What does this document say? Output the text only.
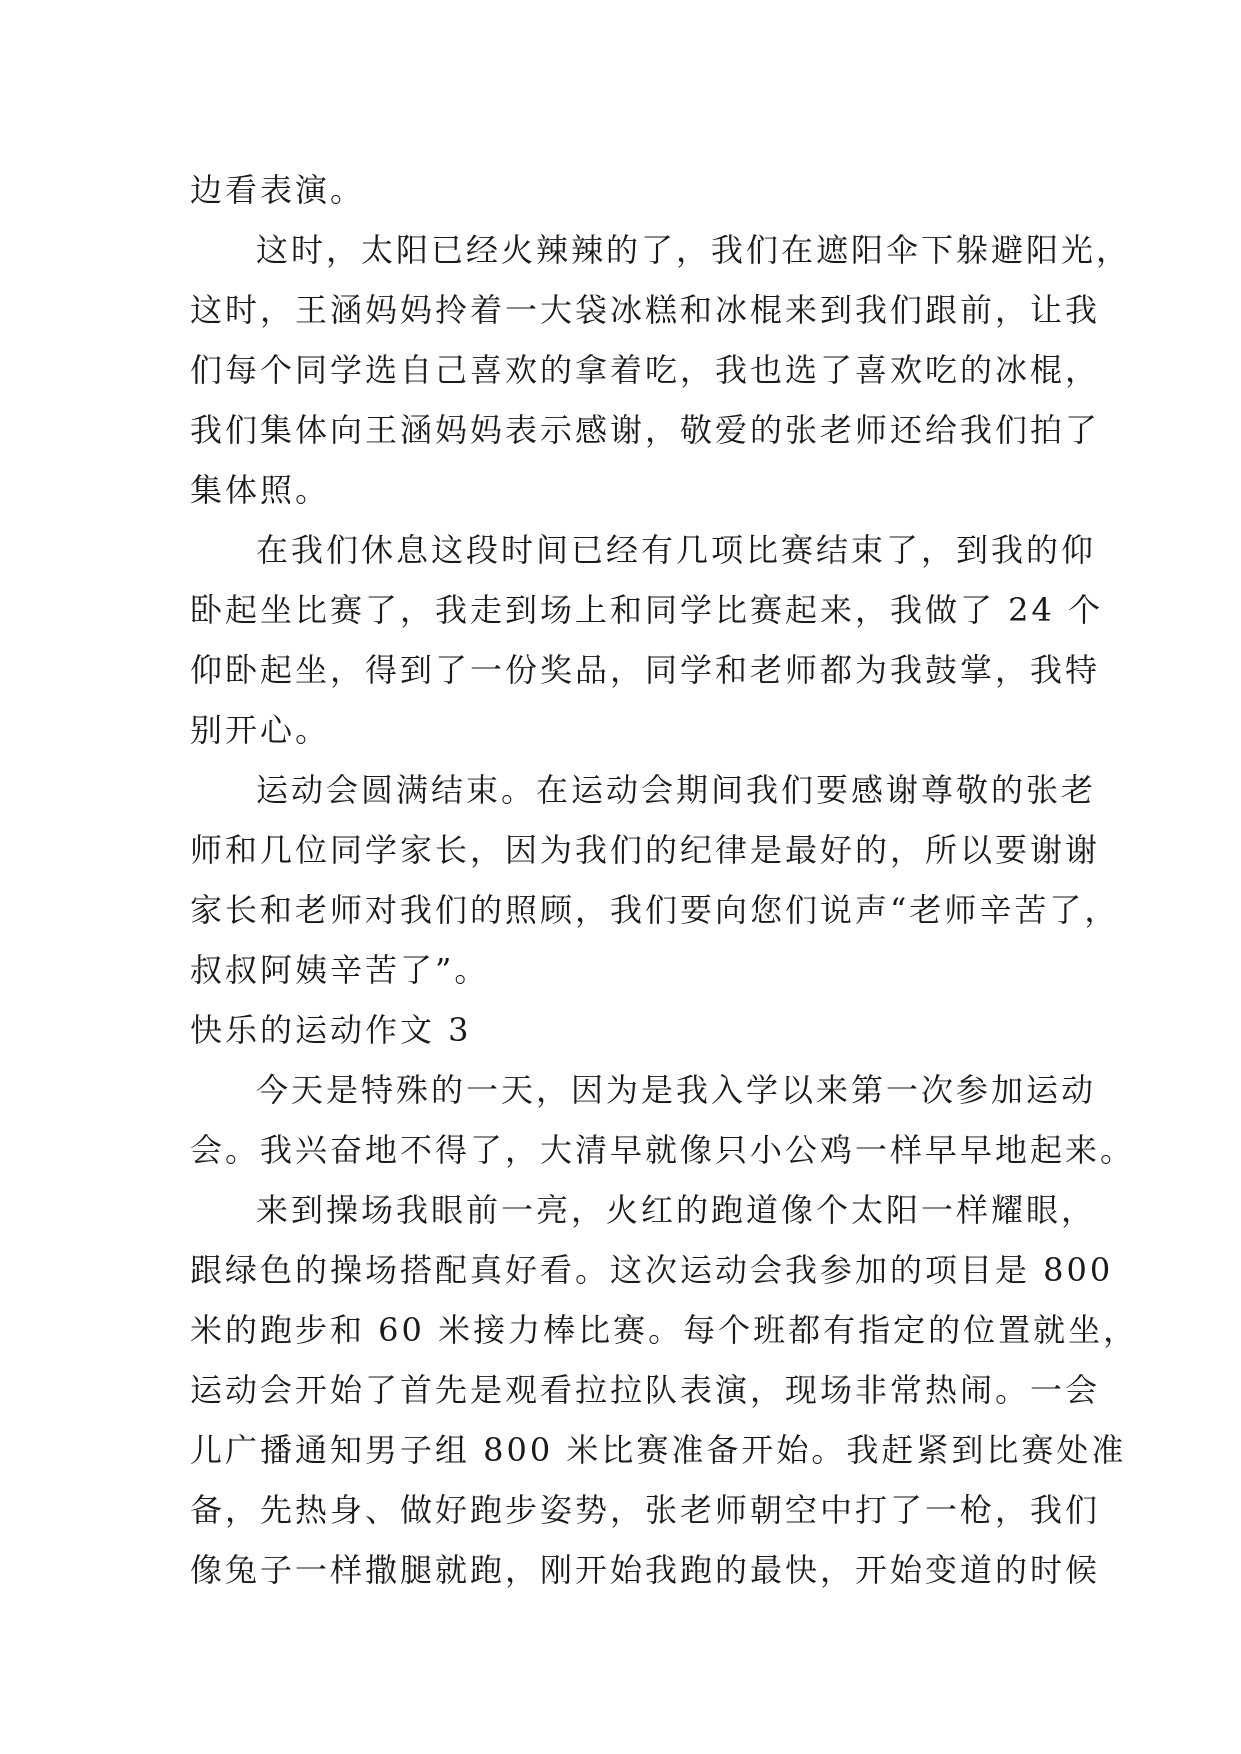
边看表演。
这时，太阳已经火辣辣的了，我们在遮阳伞下躲避阳光，
这时，王涵妈妈拎着一大袋冰糕和冰棍来到我们跟前，让我
们每个同学选自己喜欢的拿着吃，我也选了喜欢吃的冰棍，
我们集体向王涵妈妈表示感谢，敬爱的张老师还给我们拍了
集体照。
在我们休息这段时间已经有几项比赛结束了，到我的仰
卧起坐比赛了，我走到场上和同学比赛起来，我做了 24 个
仰卧起坐，得到了一份奖品，同学和老师都为我鼓掌，我特
别开心。
运动会圆满结束。在运动会期间我们要感谢尊敬的张老
师和几位同学家长，因为我们的纪律是最好的，所以要谢谢
家长和老师对我们的照顾，我们要向您们说声“老师辛苦了，
叔叔阿姨辛苦了”。
快乐的运动作文 3
今天是特殊的一天，因为是我入学以来第一次参加运动
会。我兴奋地不得了，大清早就像只小公鸡一样早早地起来。
来到操场我眼前一亮，火红的跑道像个太阳一样耀眼，
跟绿色的操场搭配真好看。这次运动会我参加的项目是 800
米的跑步和 60 米接力棒比赛。每个班都有指定的位置就坐，
运动会开始了首先是观看拉拉队表演，现场非常热闹。一会
儿广播通知男子组 800 米比赛准备开始。我赶紧到比赛处准
备，先热身、做好跑步姿势，张老师朝空中打了一枪，我们
像兔子一样撒腿就跑，刚开始我跑的最快，开始变道的时候
